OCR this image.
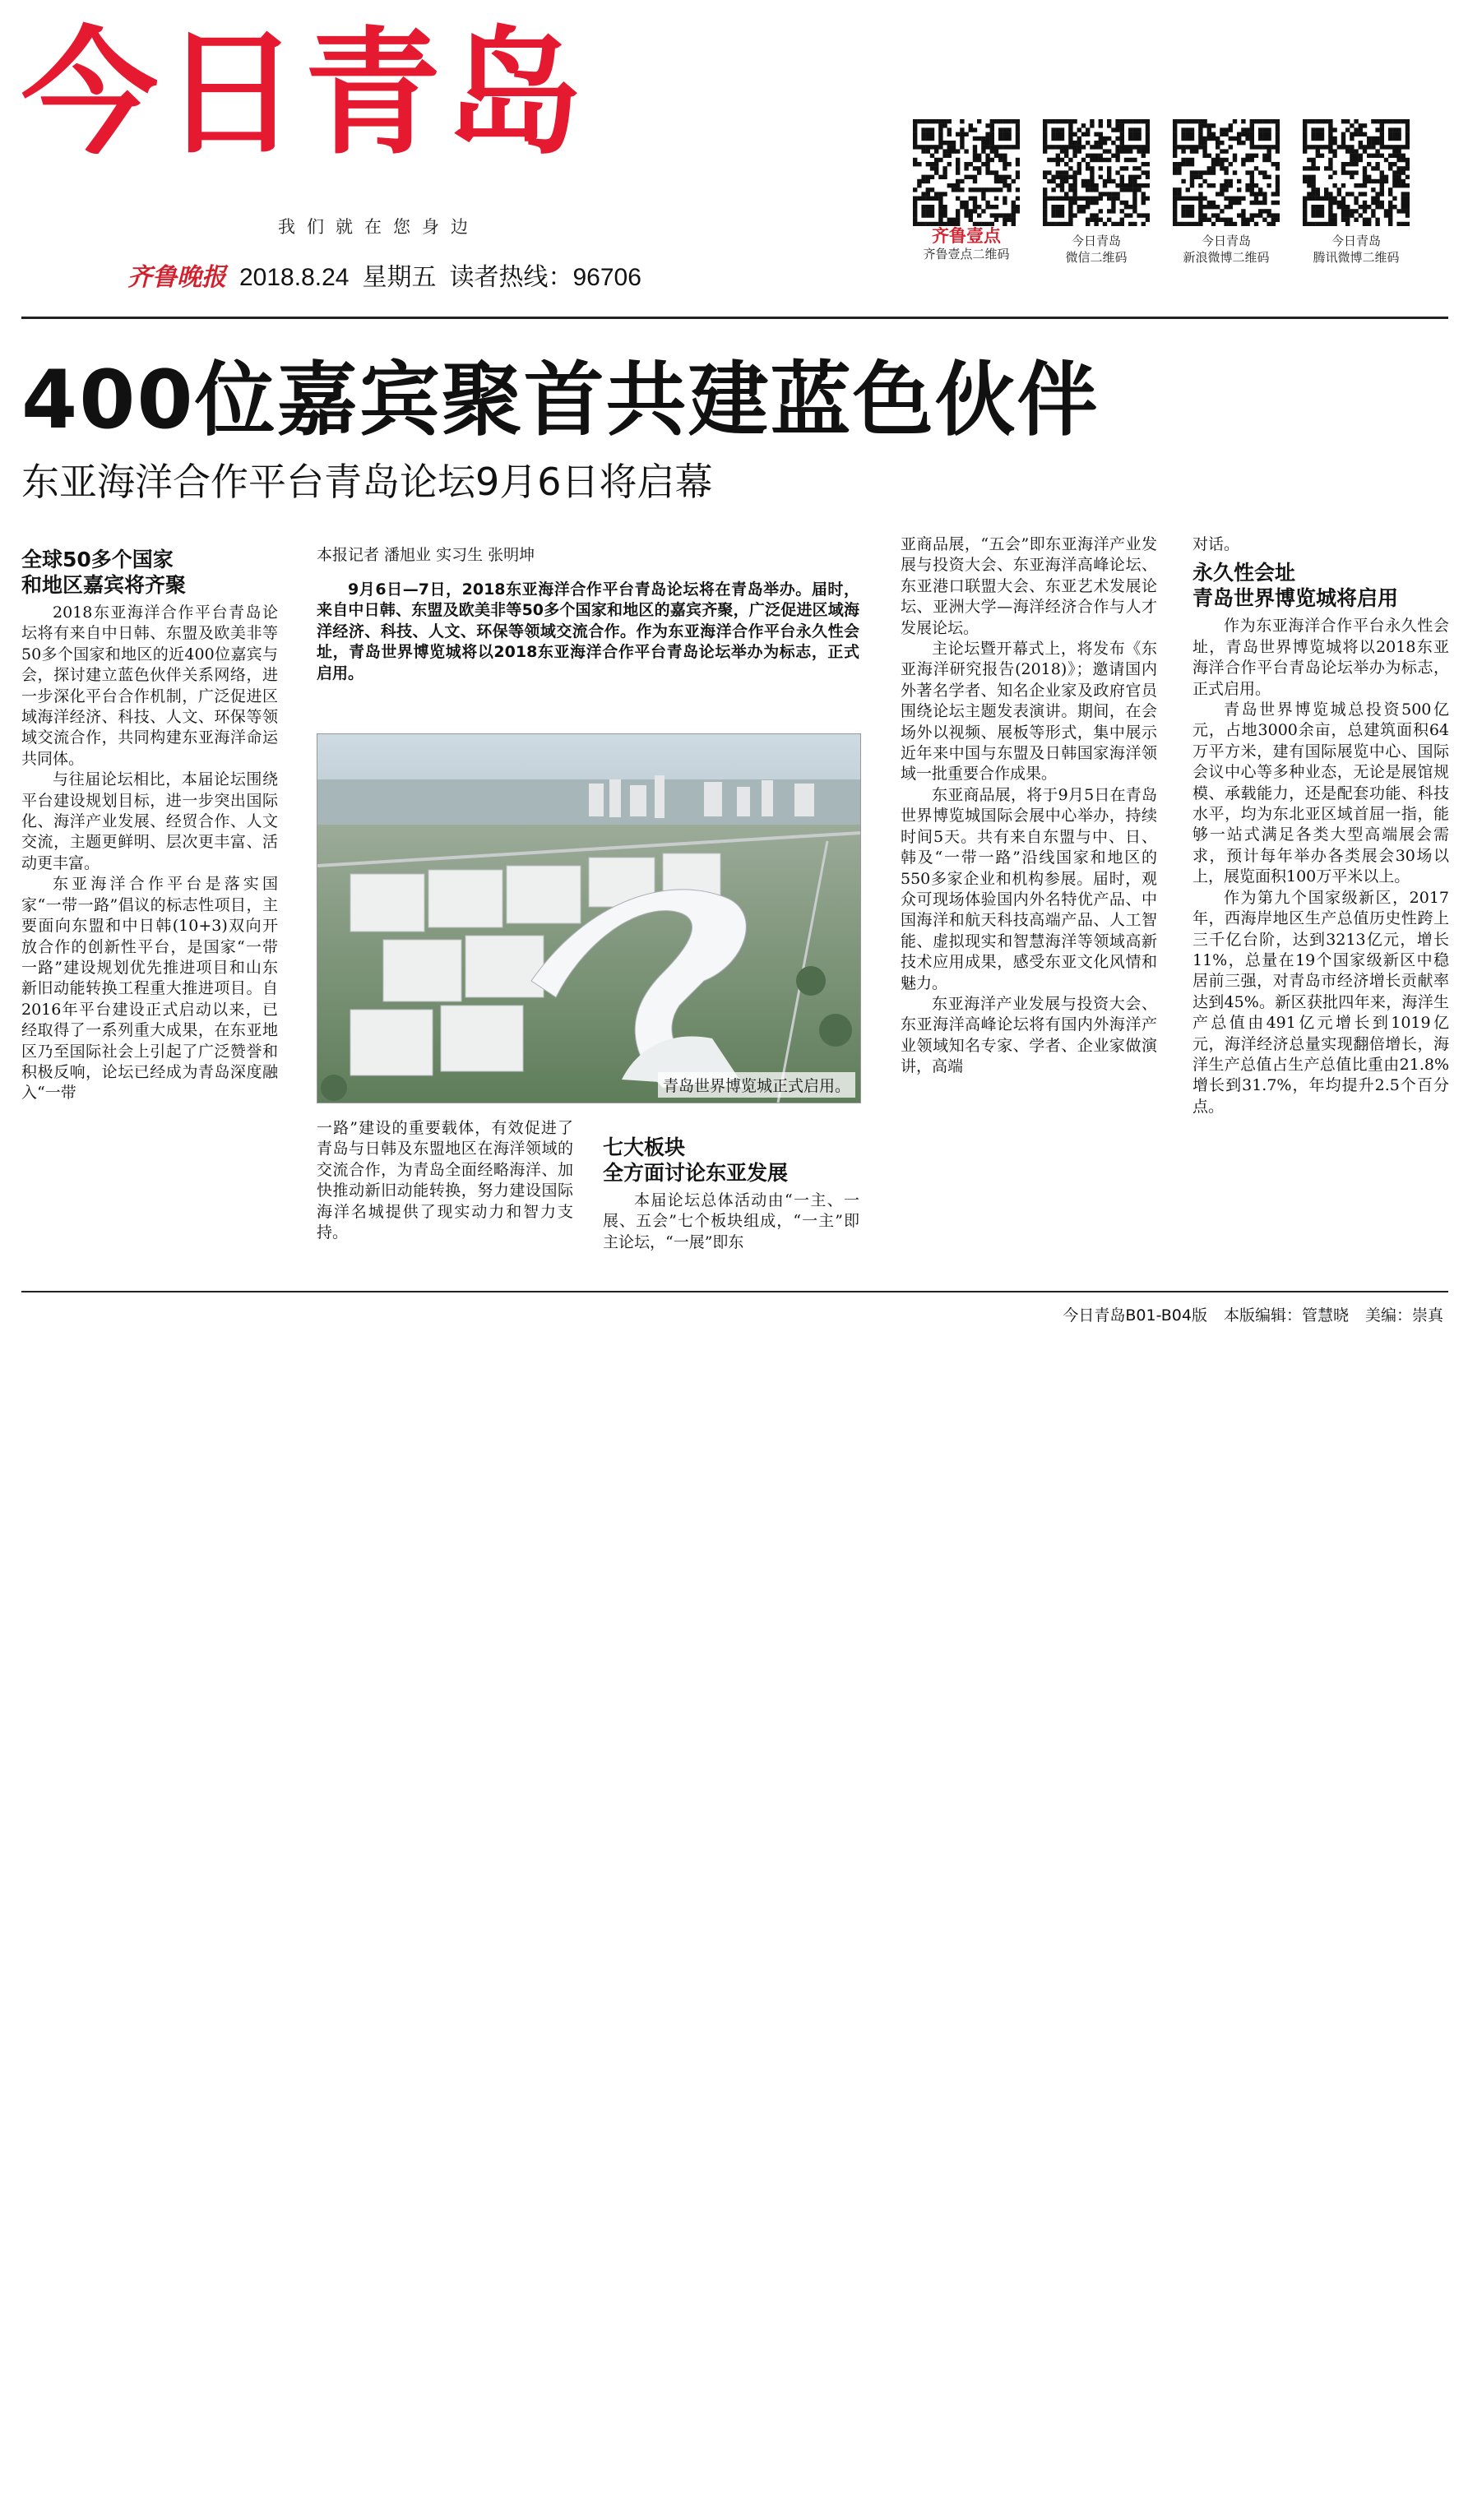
今日青岛
我们就在您身边
齐鲁晚报 2018.8.24 星期五 读者热线：96706
齐鲁壹点
齐鲁壹点二维码
今日青岛
微信二维码
今日青岛
新浪微博二维码
今日青岛
腾讯微博二维码
400位嘉宾聚首共建蓝色伙伴
东亚海洋合作平台青岛论坛9月6日将启幕
全球50多个国家
和地区嘉宾将齐聚

2018东亚海洋合作平台青岛论坛将有来自中日韩、东盟及欧美非等50多个国家和地区的近400位嘉宾与会，探讨建立蓝色伙伴关系网络，进一步深化平台合作机制，广泛促进区域海洋经济、科技、人文、环保等领域交流合作，共同构建东亚海洋命运共同体。

与往届论坛相比，本届论坛围绕平台建设规划目标，进一步突出国际化、海洋产业发展、经贸合作、人文交流，主题更鲜明、层次更丰富、活动更丰富。

东亚海洋合作平台是落实国家“一带一路”倡议的标志性项目，主要面向东盟和中日韩(10+3)双向开放合作的创新性平台，是国家“一带一路”建设规划优先推进项目和山东新旧动能转换工程重大推进项目。自2016年平台建设正式启动以来，已经取得了一系列重大成果，在东亚地区乃至国际社会上引起了广泛赞誉和积极反响，论坛已经成为青岛深度融入“一带

本报记者 潘旭业 实习生 张明坤

9月6日—7日，2018东亚海洋合作平台青岛论坛将在青岛举办。届时，来自中日韩、东盟及欧美非等50多个国家和地区的嘉宾齐聚，广泛促进区域海洋经济、科技、人文、环保等领域交流合作。作为东亚海洋合作平台永久性会址，青岛世界博览城将以2018东亚海洋合作平台青岛论坛举办为标志，正式启用。

青岛世界博览城正式启用。

一路”建设的重要载体，有效促进了青岛与日韩及东盟地区在海洋领域的交流合作，为青岛全面经略海洋、加快推动新旧动能转换，努力建设国际海洋名城提供了现实动力和智力支持。

七大板块
全方面讨论东亚发展

本届论坛总体活动由“一主、一展、五会”七个板块组成，“一主”即主论坛，“一展”即东

亚商品展，“五会”即东亚海洋产业发展与投资大会、东亚海洋高峰论坛、东亚港口联盟大会、东亚艺术发展论坛、亚洲大学—海洋经济合作与人才发展论坛。

主论坛暨开幕式上，将发布《东亚海洋研究报告(2018)》；邀请国内外著名学者、知名企业家及政府官员围绕论坛主题发表演讲。期间，在会场外以视频、展板等形式，集中展示近年来中国与东盟及日韩国家海洋领域一批重要合作成果。

东亚商品展，将于9月5日在青岛世界博览城国际会展中心举办，持续时间5天。共有来自东盟与中、日、韩及“一带一路”沿线国家和地区的550多家企业和机构参展。届时，观众可现场体验国内外名特优产品、中国海洋和航天科技高端产品、人工智能、虚拟现实和智慧海洋等领域高新技术应用成果，感受东亚文化风情和魅力。

东亚海洋产业发展与投资大会、东亚海洋高峰论坛将有国内外海洋产业领域知名专家、学者、企业家做演讲，高端

对话。

永久性会址
青岛世界博览城将启用

作为东亚海洋合作平台永久性会址，青岛世界博览城将以2018东亚海洋合作平台青岛论坛举办为标志，正式启用。

青岛世界博览城总投资500亿元，占地3000余亩，总建筑面积64万平方米，建有国际展览中心、国际会议中心等多种业态，无论是展馆规模、承载能力，还是配套功能、科技水平，均为东北亚区域首屈一指，能够一站式满足各类大型高端展会需求，预计每年举办各类展会30场以上，展览面积100万平米以上。

作为第九个国家级新区，2017年，西海岸地区生产总值历史性跨上三千亿台阶，达到3213亿元，增长11%，总量在19个国家级新区中稳居前三强，对青岛市经济增长贡献率达到45%。新区获批四年来，海洋生产总值由491亿元增长到1019亿元，海洋经济总量实现翻倍增长，海洋生产总值占生产总值比重由21.8%增长到31.7%，年均提升2.5个百分点。

今日青岛B01-B04版 本版编辑：管慧晓 美编：崇真
